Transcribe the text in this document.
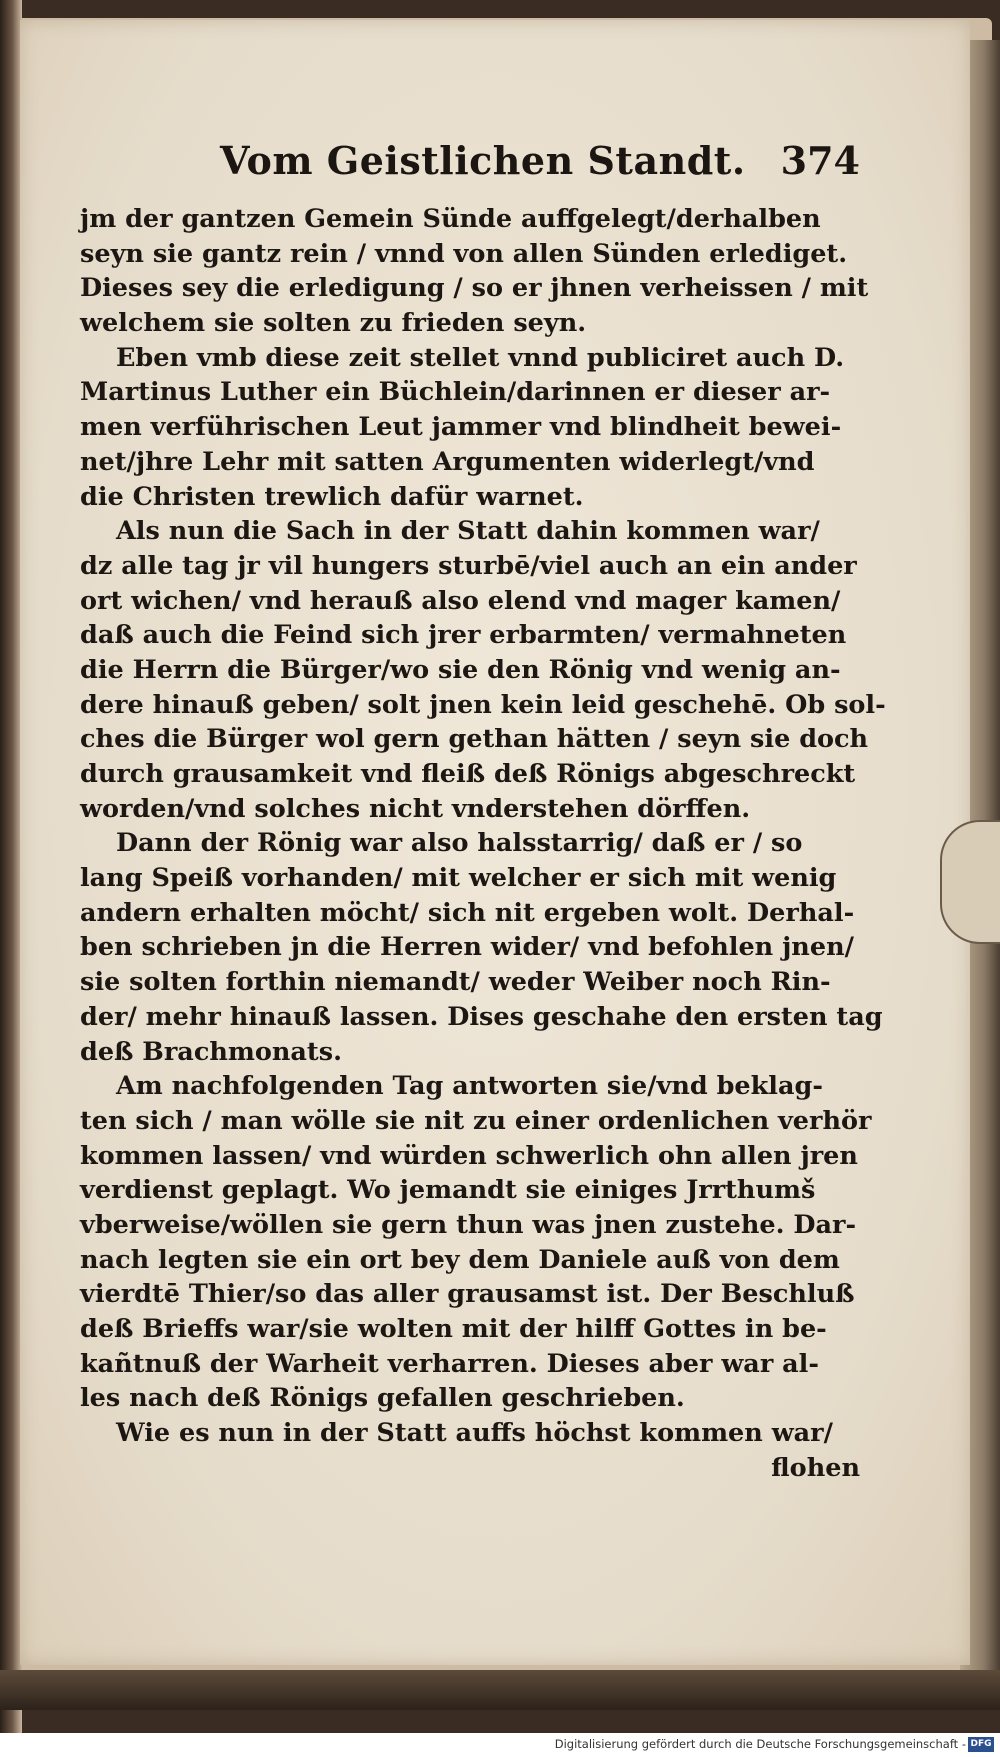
Vom Geistlichen Standt. 374
jm der gantzen Gemein Sünde auffgelegt/derhalben
seyn sie gantz rein / vnnd von allen Sünden erlediget.
Dieses sey die erledigung / so er jhnen verheissen / mit
welchem sie solten zu frieden seyn.
Eben vmb diese zeit stellet vnnd publiciret auch D.
Martinus Luther ein Büchlein/darinnen er dieser ar-
men verführischen Leut jammer vnd blindheit bewei-
net/jhre Lehr mit satten Argumenten widerlegt/vnd
die Christen trewlich dafür warnet.
Als nun die Sach in der Statt dahin kommen war/
dz alle tag jr vil hungers sturbē/viel auch an ein ander
ort wichen/ vnd herauß also elend vnd mager kamen/
daß auch die Feind sich jrer erbarmten/ vermahneten
die Herrn die Bürger/wo sie den Rönig vnd wenig an-
dere hinauß geben/ solt jnen kein leid geschehē. Ob sol-
ches die Bürger wol gern gethan hätten / seyn sie doch
durch grausamkeit vnd fleiß deß Rönigs abgeschreckt
worden/vnd solches nicht vnderstehen dörffen.
Dann der Rönig war also halsstarrig/ daß er / so
lang Speiß vorhanden/ mit welcher er sich mit wenig
andern erhalten möcht/ sich nit ergeben wolt. Derhal-
ben schrieben jn die Herren wider/ vnd befohlen jnen/
sie solten forthin niemandt/ weder Weiber noch Rin-
der/ mehr hinauß lassen. Dises geschahe den ersten tag
deß Brachmonats.
Am nachfolgenden Tag antworten sie/vnd beklag-
ten sich / man wölle sie nit zu einer ordenlichen verhör
kommen lassen/ vnd würden schwerlich ohn allen jren
verdienst geplagt. Wo jemandt sie einiges Jrrthumš
vberweise/wöllen sie gern thun was jnen zustehe. Dar-
nach legten sie ein ort bey dem Daniele auß von dem
vierdtē Thier/so das aller grausamst ist. Der Beschluß
deß Brieffs war/sie wolten mit der hilff Gottes in be-
kañtnuß der Warheit verharren. Dieses aber war al-
les nach deß Rönigs gefallen geschrieben.
Wie es nun in der Statt auffs höchst kommen war/
flohen
Digitalisierung gefördert durch die Deutsche Forschungsgemeinschaft - DFG
